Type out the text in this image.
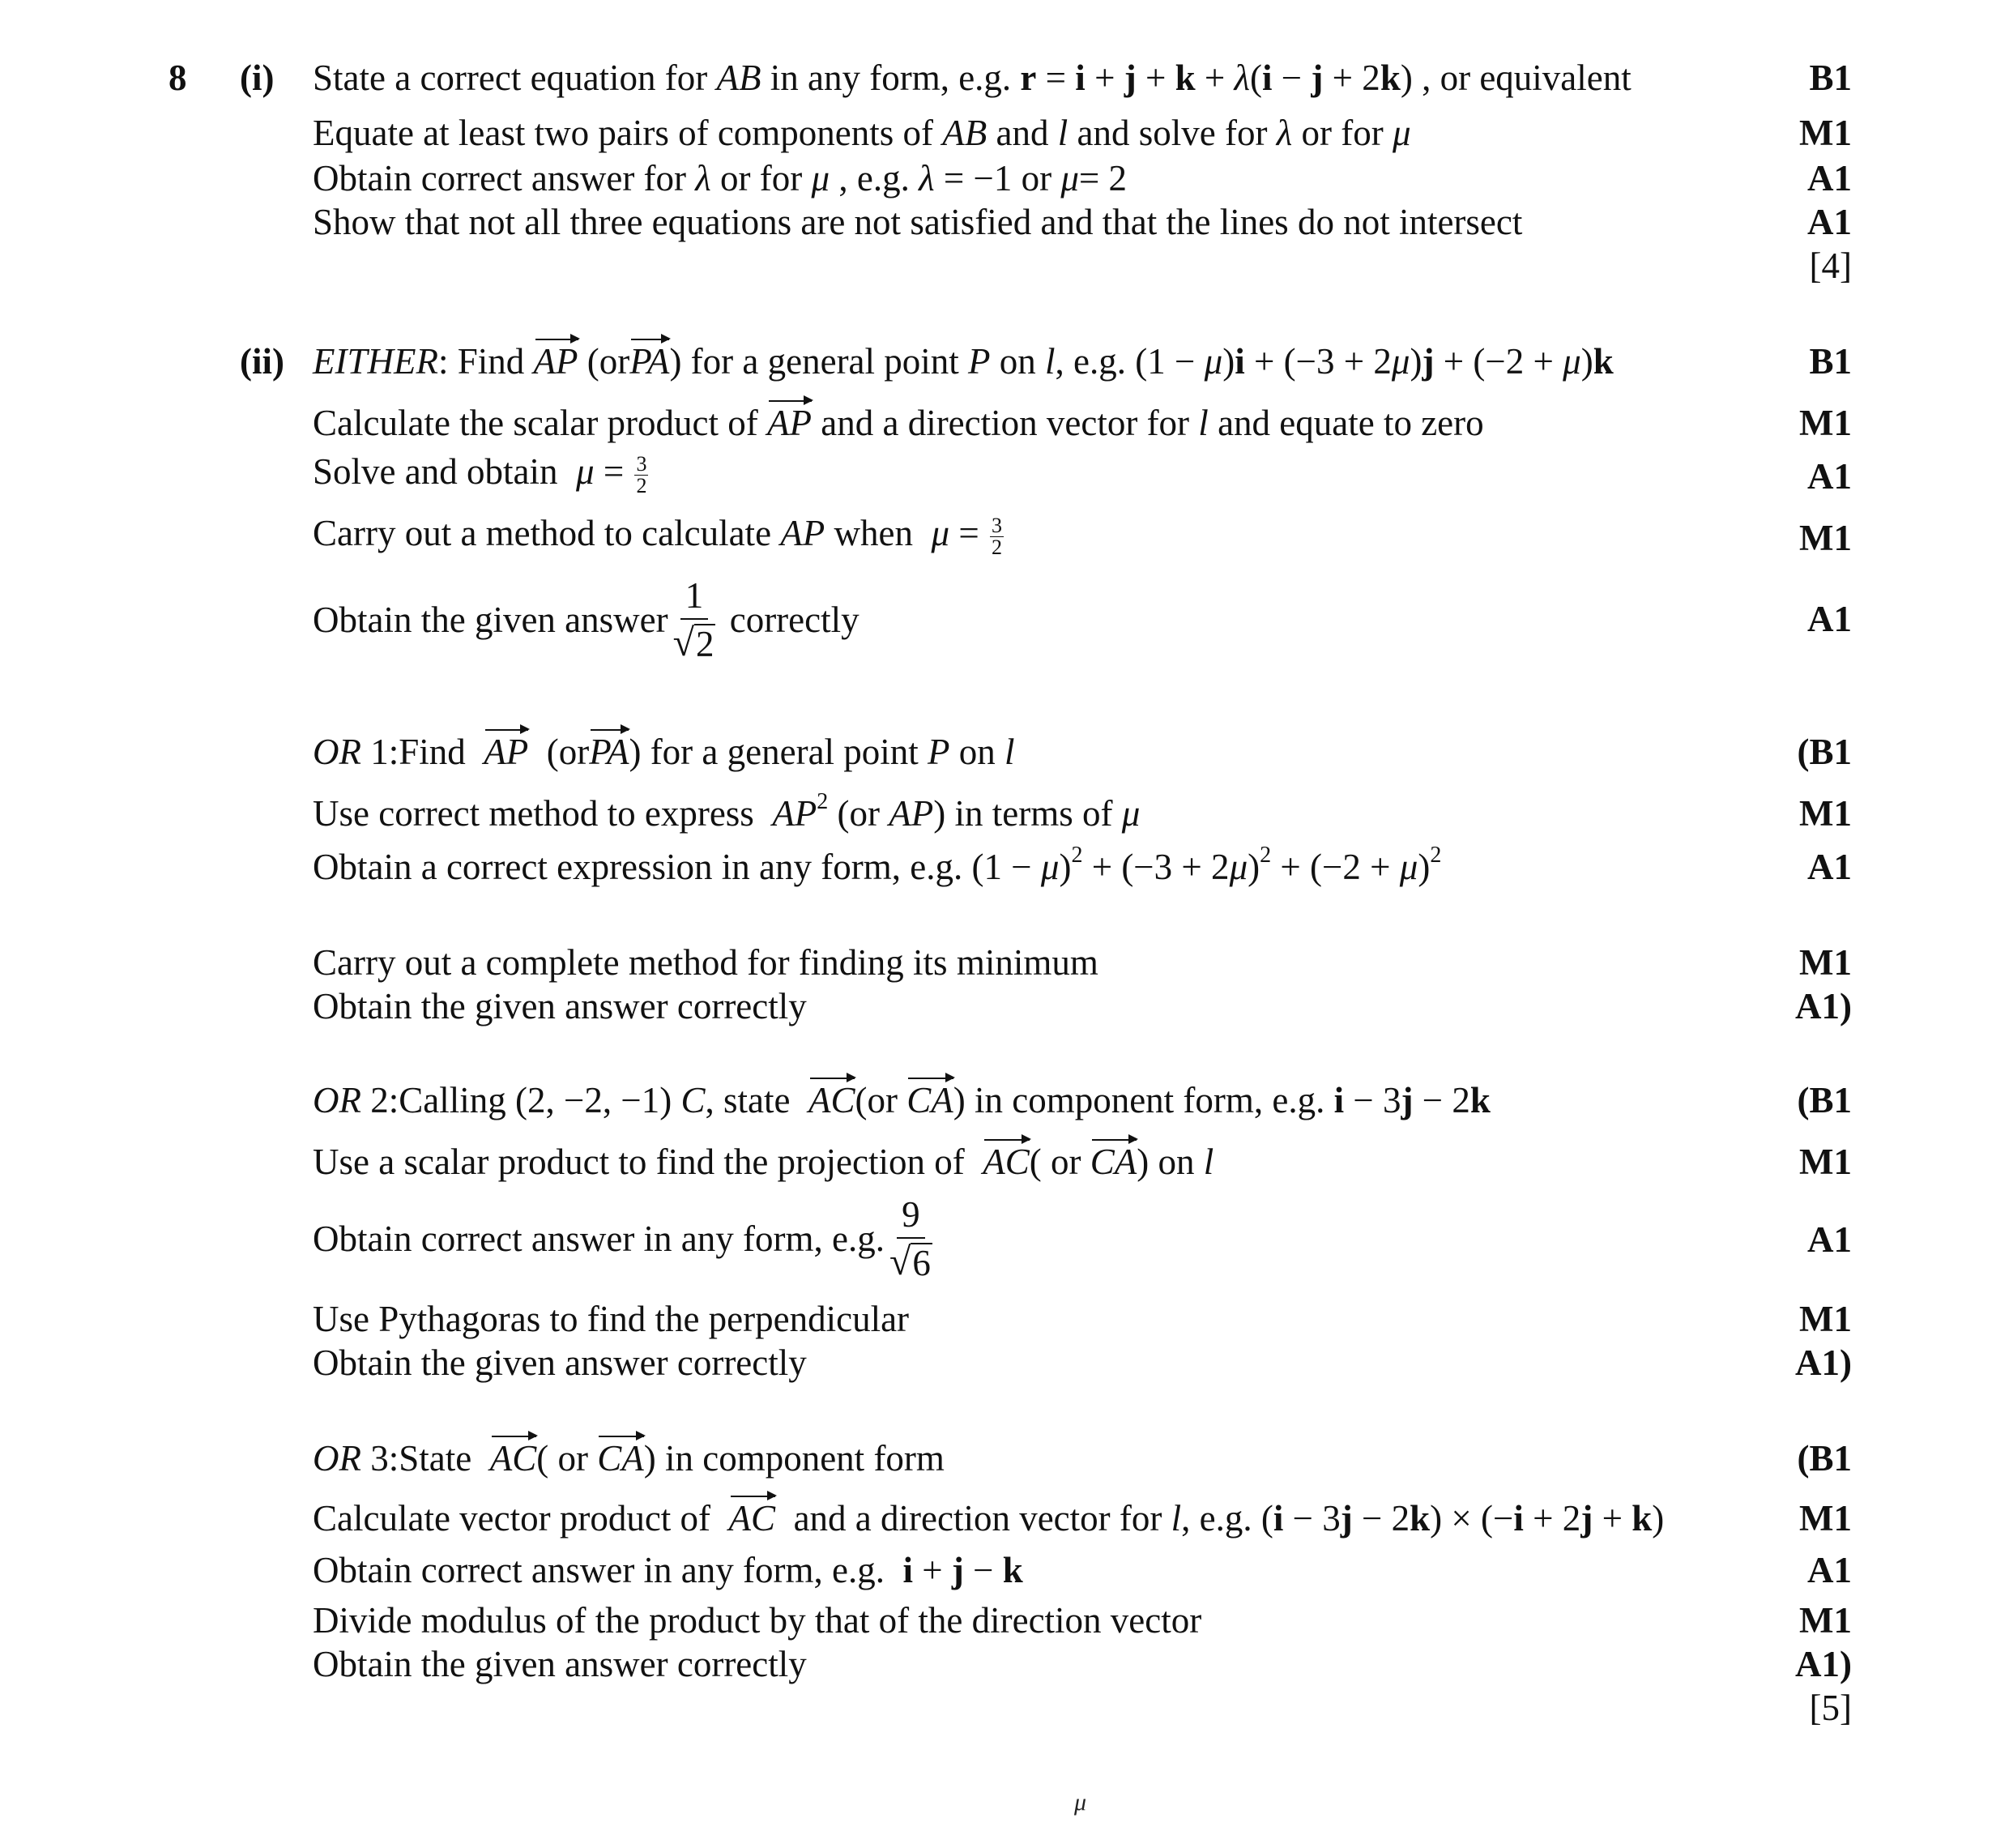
8 (i) State a correct equation for AB in any form, e.g. r = i + j + k + λ(i − j + 2k) , or equivalent	B1
Equate at least two pairs of components of AB and l and solve for λ or for μ	M1
Obtain correct answer for λ or for μ , e.g. λ = −1 or μ= 2	A1
Show that not all three equations are not satisfied and that the lines do not intersect	A1
[4]
(ii) EITHER: Find AP (orPA) for a general point P on l, e.g. (1 − μ)i + (−3 + 2μ)j + (−2 + μ)k	B1
Calculate the scalar product of AP and a direction vector for l and equate to zero	M1
Solve and obtain  $\mu = \frac{3}{2}$	A1
Carry out a method to calculate AP when  $\mu = \frac{3}{2}$	M1
Obtain the given answer $\frac{1}{√ 2}$ correctly	A1
OR 1:Find  AP  (orPA) for a general point P on l	(B1
Use correct method to express  $AP^2$ (or AP) in terms of μ	M1
Obtain a correct expression in any form, e.g. $(1 - \mu)^2 + (-3 + 2\mu)^2 + (-2 + \mu)^2$	A1
Carry out a complete method for finding its minimum	M1
Obtain the given answer correctly	A1)
OR 2:Calling (2, −2, −1) C, state  AC(or CA) in component form, e.g. i − 3j − 2k	(B1
Use a scalar product to find the projection of  AC( or CA) on l	M1
Obtain correct answer in any form, e.g. $\frac{9}{√ 6}$	A1
Use Pythagoras to find the perpendicular	M1
Obtain the given answer correctly	A1)
OR 3:State  AC( or CA) in component form	(B1
Calculate vector product of  AC  and a direction vector for l, e.g. (i − 3j − 2k) × (−i + 2j + k)	M1
Obtain correct answer in any form, e.g.  i + j − k	A1
Divide modulus of the product by that of the direction vector	M1
Obtain the given answer correctly	A1)
[5]
μ
